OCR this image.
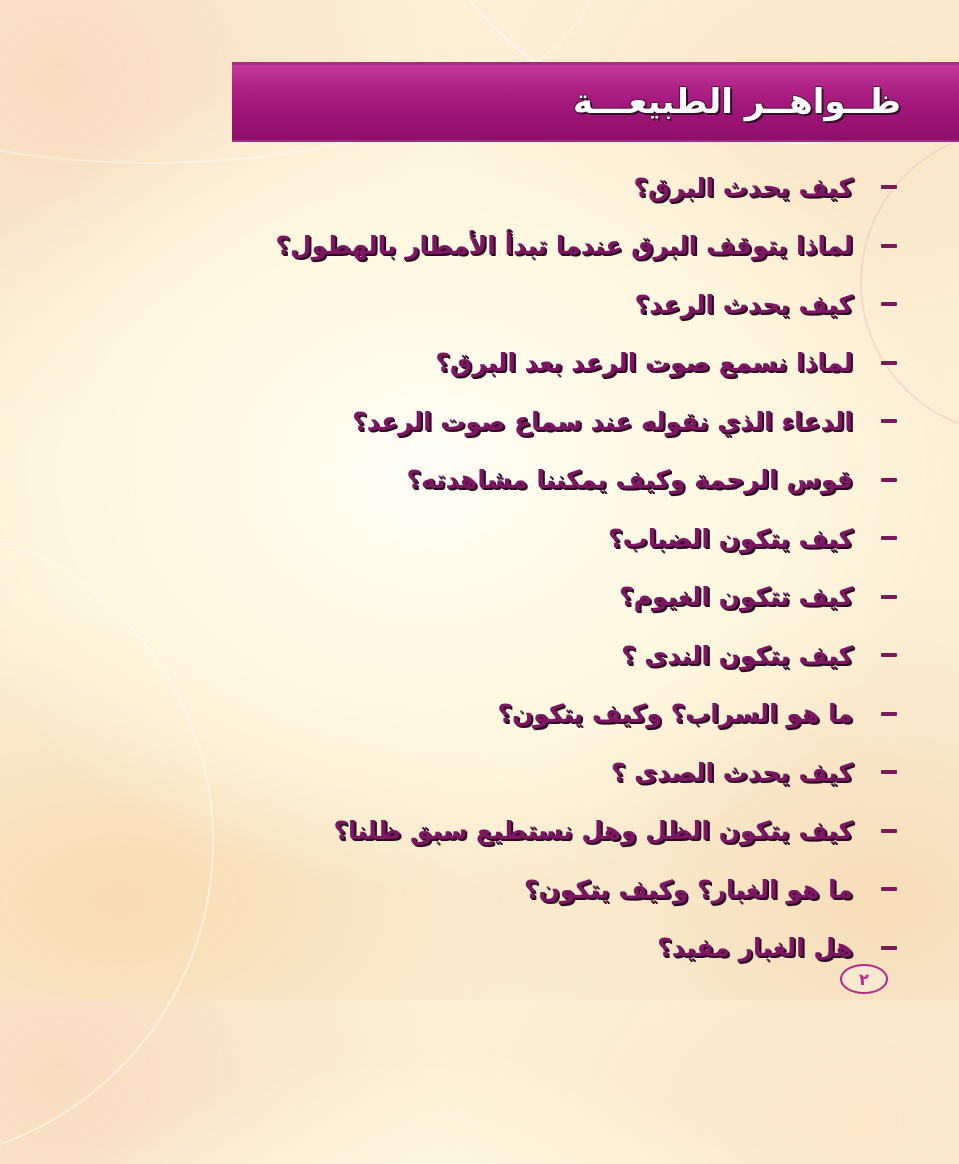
ظــواهــر الطبيعـــة
كيف يحدث البرق؟
لماذا يتوقف البرق عندما تبدأ الأمطار بالهطول؟
كيف يحدث الرعد؟
لماذا نسمع صوت الرعد بعد البرق؟
الدعاء الذي نقوله عند سماع صوت الرعد؟
قوس الرحمة وكيف يمكننا مشاهدته؟
كيف يتكون الضباب؟
كيف تتكون الغيوم؟
كيف يتكون الندى ؟
ما هو السراب؟ وكيف يتكون؟
كيف يحدث الصدى ؟
كيف يتكون الظل وهل نستطيع سبق ظلنا؟
ما هو الغبار؟ وكيف يتكون؟
هل الغبار مفيد؟
٢
